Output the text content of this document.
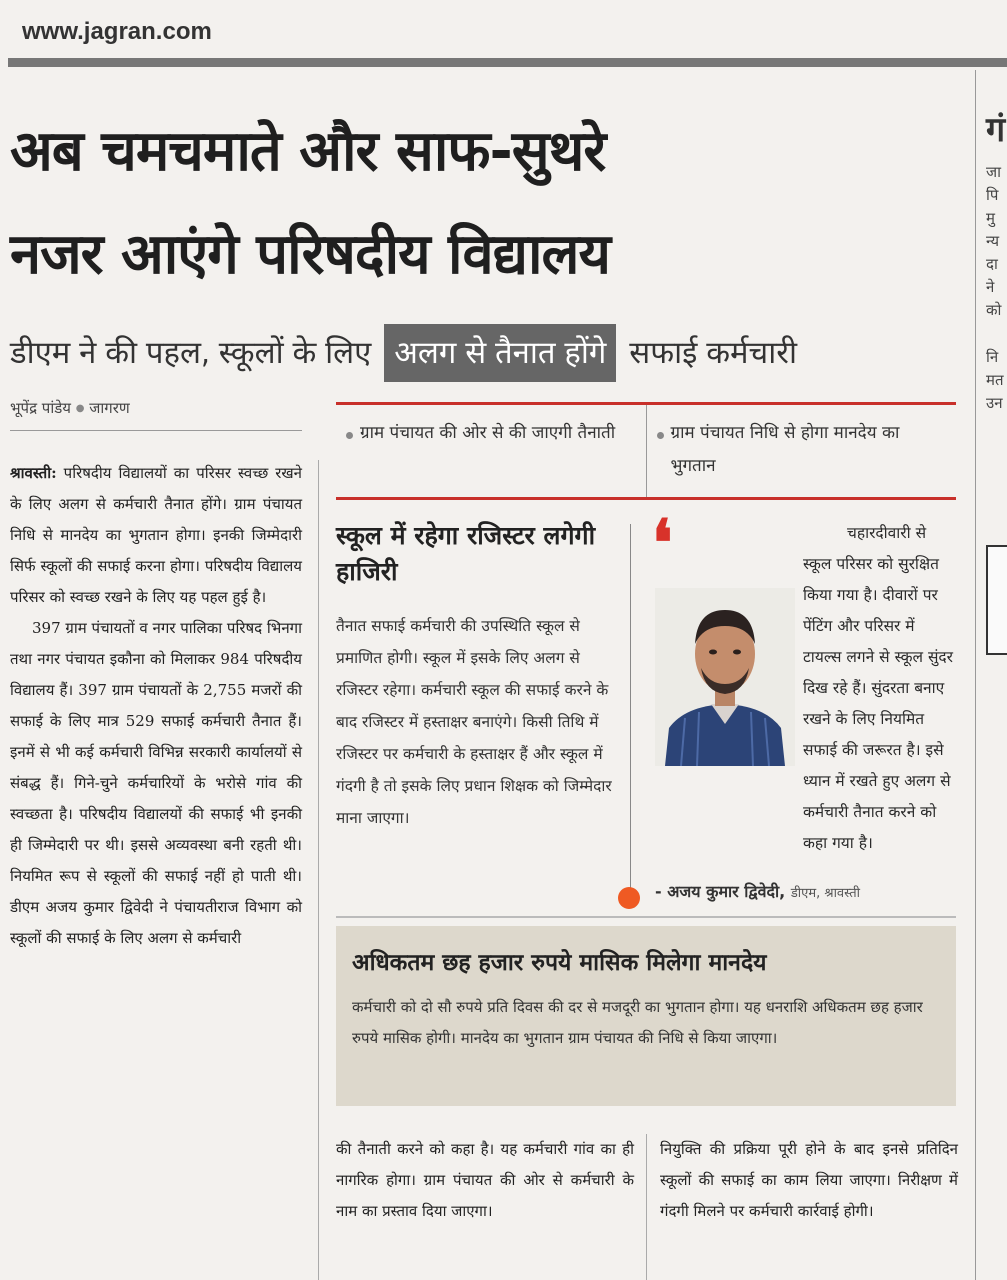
www.jagran.com
अब चमचमाते और साफ-सुथरे
नजर आएंगे परिषदीय विद्यालय
डीएम ने की पहल, स्कूलों के लिए अलग से तैनात होंगे सफाई कर्मचारी
गं
जा
पि
मु
न्य
दा
ने
को
नि
मत
उन
भूपेंद्र पांडेय ● जागरण

श्रावस्ती: परिषदीय विद्यालयों का परिसर स्वच्छ रखने के लिए अलग से कर्मचारी तैनात होंगे। ग्राम पंचायत निधि से मानदेय का भुगतान होगा। इनकी जिम्मेदारी सिर्फ स्कूलों की सफाई करना होगा। परिषदीय विद्यालय परिसर को स्वच्छ रखने के लिए यह पहल हुई है।

397 ग्राम पंचायतों व नगर पालिका परिषद भिनगा तथा नगर पंचायत इकौना को मिलाकर 984 परिषदीय विद्यालय हैं। 397 ग्राम पंचायतों के 2,755 मजरों की सफाई के लिए मात्र 529 सफाई कर्मचारी तैनात हैं। इनमें से भी कई कर्मचारी विभिन्न सरकारी कार्यालयों से संबद्ध हैं। गिने-चुने कर्मचारियों के भरोसे गांव की स्वच्छता है। परिषदीय विद्यालयों की सफाई भी इनकी ही जिम्मेदारी पर थी। इससे अव्यवस्था बनी रहती थी। नियमित रूप से स्कूलों की सफाई नहीं हो पाती थी। डीएम अजय कुमार द्विवेदी ने पंचायतीराज विभाग को स्कूलों की सफाई के लिए अलग से कर्मचारी

ग्राम पंचायत की ओर से की जाएगी तैनाती	ग्राम पंचायत निधि से होगा मानदेय का भुगतान
स्कूल में रहेगा रजिस्टर लगेगी हाजिरी
तैनात सफाई कर्मचारी की उपस्थिति स्कूल से प्रमाणित होगी। स्कूल में इसके लिए अलग से रजिस्टर रहेगा। कर्मचारी स्कूल की सफाई करने के बाद रजिस्टर में हस्ताक्षर बनाएंगे। किसी तिथि में रजिस्टर पर कर्मचारी के हस्ताक्षर हैं और स्कूल में गंदगी है तो इसके लिए प्रधान शिक्षक को जिम्मेदार माना जाएगा।
❛	चहारदीवारी से स्कूल परिसर को सुरक्षित किया गया है। दीवारों पर पेंटिंग और परिसर में टायल्स लगने से स्कूल सुंदर दिख रहे हैं। सुंदरता बनाए रखने के लिए नियमित सफाई की जरूरत है। इसे ध्यान में रखते हुए अलग से कर्मचारी तैनात करने को कहा गया है।
- अजय कुमार द्विवेदी, डीएम, श्रावस्ती
अधिकतम छह हजार रुपये मासिक मिलेगा मानदेय
कर्मचारी को दो सौ रुपये प्रति दिवस की दर से मजदूरी का भुगतान होगा। यह धनराशि अधिकतम छह हजार रुपये मासिक होगी। मानदेय का भुगतान ग्राम पंचायत की निधि से किया जाएगा।
की तैनाती करने को कहा है। यह कर्मचारी गांव का ही नागरिक होगा। ग्राम पंचायत की ओर से कर्मचारी के नाम का प्रस्ताव दिया जाएगा।
नियुक्ति की प्रक्रिया पूरी होने के बाद इनसे प्रतिदिन स्कूलों की सफाई का काम लिया जाएगा। निरीक्षण में गंदगी मिलने पर कर्मचारी कार्रवाई होगी।
